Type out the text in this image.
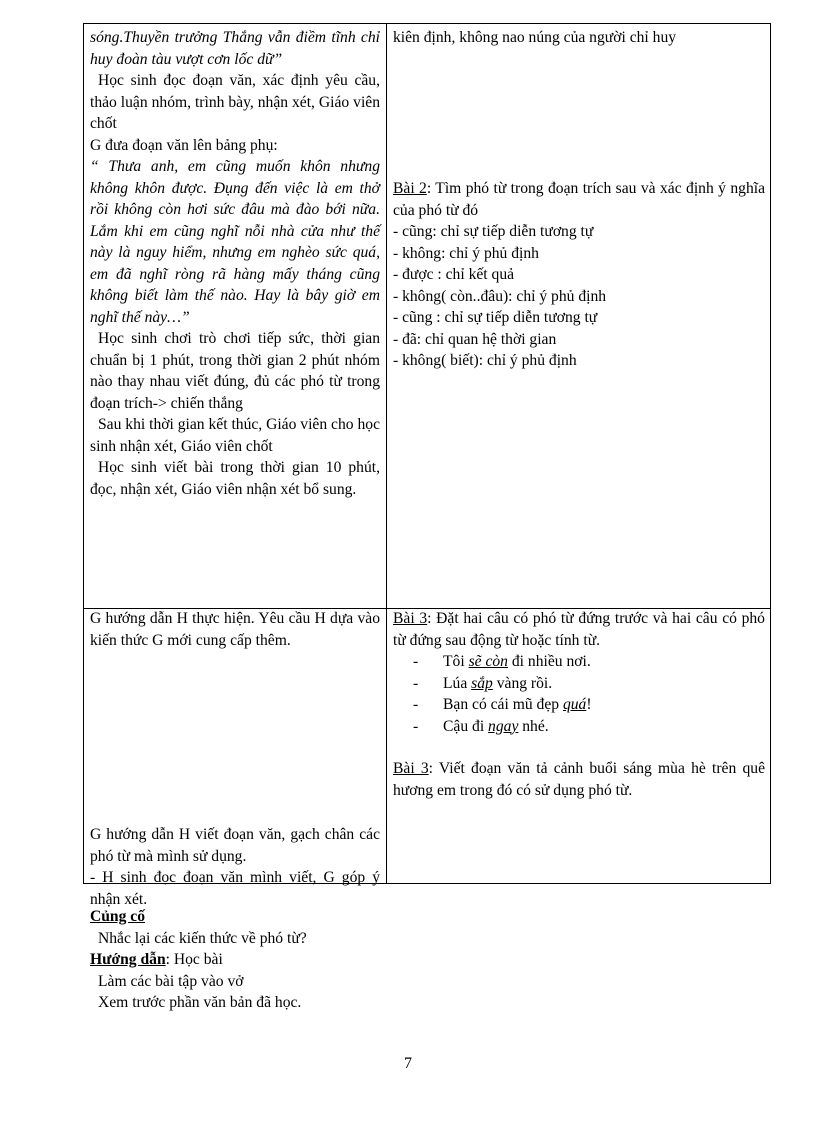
sóng.Thuyền trưởng Thắng vẫn điềm tĩnh chỉ huy đoàn tàu vượt cơn lốc dữ”

Học sinh đọc đoạn văn, xác định yêu cầu, thảo luận nhóm, trình bày, nhận xét, Giáo viên chốt

G đưa đoạn văn lên bảng phụ:

“ Thưa anh, em cũng muốn khôn nhưng không khôn được. Đụng đến việc là em thở rồi không còn hơi sức đâu mà đào bới nữa. Lắm khi em cũng nghĩ nỗi nhà cửa như thế này là nguy hiểm, nhưng em nghèo sức quá, em đã nghĩ ròng rã hàng mấy tháng cũng không biết làm thế nào. Hay là bây giờ em nghĩ thế này…”

Học sinh chơi trò chơi tiếp sức, thời gian chuẩn bị 1 phút, trong thời gian 2 phút nhóm nào thay nhau viết đúng, đủ các phó từ trong đoạn trích-> chiến thắng

Sau khi thời gian kết thúc, Giáo viên cho học sinh nhận xét, Giáo viên chốt

Học sinh viết bài trong thời gian 10 phút, đọc, nhận xét, Giáo viên nhận xét bổ sung.

kiên định, không nao núng của người chỉ huy

Bài 2: Tìm phó từ trong đoạn trích sau và xác định ý nghĩa của phó từ đó

- cũng: chỉ sự tiếp diễn tương tự

- không: chỉ ý phủ định

- được : chỉ kết quả

- không( còn..đâu): chỉ ý phủ định

- cũng : chỉ sự tiếp diễn tương tự

- đã: chỉ quan hệ thời gian

- không( biết): chỉ ý phủ định

G hướng dẫn H thực hiện. Yêu cầu H dựa vào kiến thức G mới cung cấp thêm.

G hướng dẫn H viết đoạn văn, gạch chân các phó từ mà mình sử dụng.

- H sinh đọc đoạn văn mình viết, G góp ý nhận xét.

Bài 3: Đặt hai câu có phó từ đứng trước và hai câu có phó từ đứng sau động từ hoặc tính từ.

- Tôi sẽ còn đi nhiều nơi.

- Lúa sắp vàng rồi.

- Bạn có cái mũ đẹp quá!

- Cậu đi ngay nhé.

Bài 3: Viết đoạn văn tả cảnh buổi sáng mùa hè trên quê hương em trong đó có sử dụng phó từ.

Củng cố

Nhắc lại các kiến thức về phó từ?

Hướng dẫn: Học bài

Làm các bài tập vào vở

Xem trước phần văn bản đã học.

7
